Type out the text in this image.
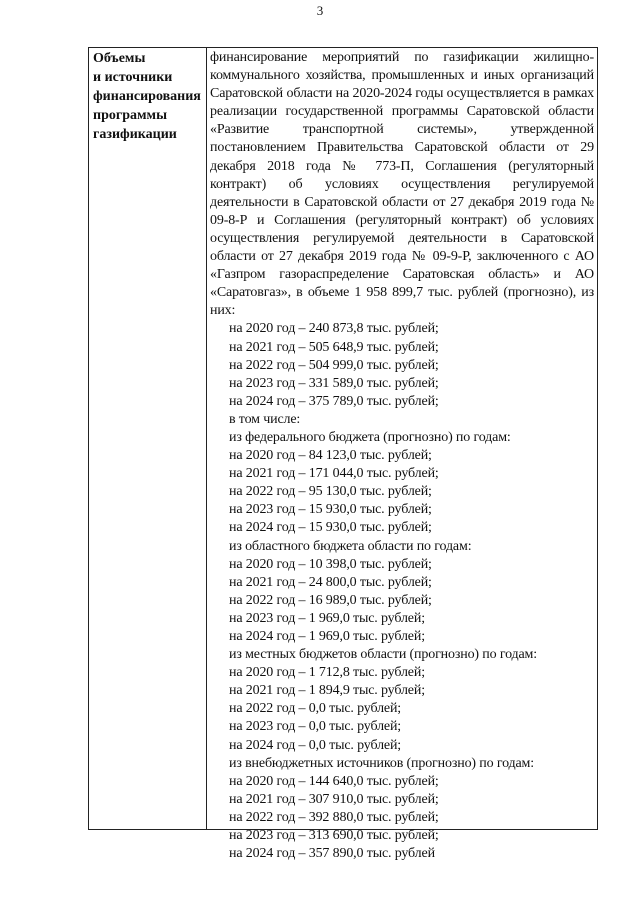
3
Объемы
и источники
финансирования
программы
газификации
финансирование мероприятий по газификации жилищно-коммунального хозяйства, промышленных и иных организаций Саратовской области на 2020-2024 годы осуществляется в рамках реализации государственной программы Саратовской области «Развитие транспортной системы», утвержденной постановлением Правительства Саратовской области от 29 декабря 2018 года № 773-П, Соглашения (регуляторный контракт) об условиях осуществления регулируемой деятельности в Саратовской области от 27 декабря 2019 года № 09-8-Р и Соглашения (регуляторный контракт) об условиях осуществления регулируемой деятельности в Саратовской области от 27 декабря 2019 года № 09-9-Р, заключенного с АО «Газпром газораспределение Саратовская область» и АО «Саратовгаз», в объеме 1 958 899,7 тыс. рублей (прогнозно), из них:
на 2020 год – 240 873,8 тыс. рублей;
на 2021 год – 505 648,9 тыс. рублей;
на 2022 год – 504 999,0 тыс. рублей;
на 2023 год – 331 589,0 тыс. рублей;
на 2024 год – 375 789,0 тыс. рублей;
в том числе:
из федерального бюджета (прогнозно) по годам:
на 2020 год – 84 123,0 тыс. рублей;
на 2021 год – 171 044,0 тыс. рублей;
на 2022 год – 95 130,0 тыс. рублей;
на 2023 год – 15 930,0 тыс. рублей;
на 2024 год – 15 930,0 тыс. рублей;
из областного бюджета области по годам:
на 2020 год – 10 398,0 тыс. рублей;
на 2021 год – 24 800,0 тыс. рублей;
на 2022 год – 16 989,0 тыс. рублей;
на 2023 год – 1 969,0 тыс. рублей;
на 2024 год – 1 969,0 тыс. рублей;
из местных бюджетов области (прогнозно) по годам:
на 2020 год – 1 712,8 тыс. рублей;
на 2021 год – 1 894,9 тыс. рублей;
на 2022 год – 0,0 тыс. рублей;
на 2023 год – 0,0 тыс. рублей;
на 2024 год – 0,0 тыс. рублей;
из внебюджетных источников (прогнозно) по годам:
на 2020 год – 144 640,0 тыс. рублей;
на 2021 год – 307 910,0 тыс. рублей;
на 2022 год – 392 880,0 тыс. рублей;
на 2023 год – 313 690,0 тыс. рублей;
на 2024 год – 357 890,0 тыс. рублей
